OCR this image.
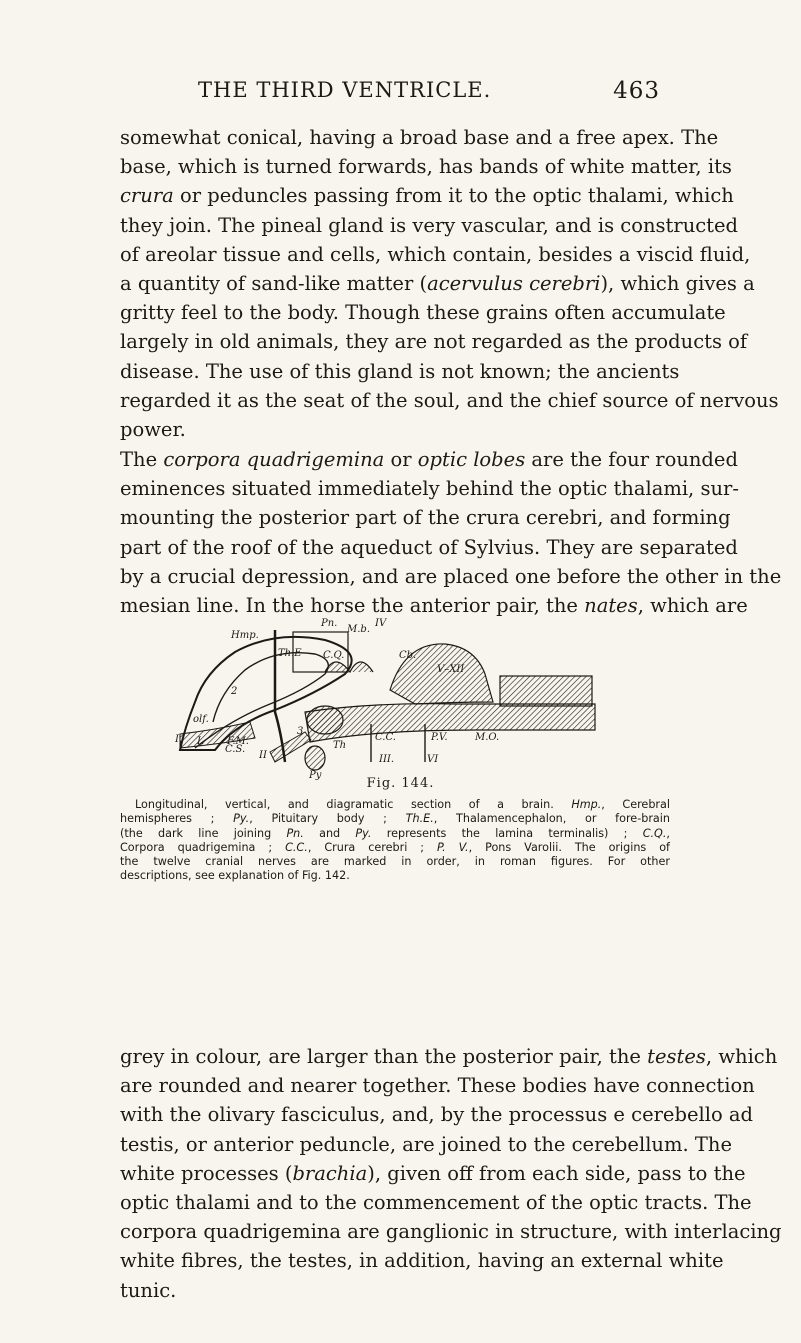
THE THIRD VENTRICLE.	463

somewhat conical, having a broad base and a free apex. The
base, which is turned forwards, has bands of white matter, its
crura or peduncles passing from it to the optic thalami, which
they join. The pineal gland is very vascular, and is constructed
of areolar tissue and cells, which contain, besides a viscid fluid,
a quantity of sand-like matter (acervulus cerebri), which gives a
gritty feel to the body. Though these grains often accumulate
largely in old animals, they are not regarded as the products of
disease. The use of this gland is not known; the ancients
regarded it as the seat of the soul, and the chief source of nervous
power.

The corpora quadrigemina or optic lobes are the four rounded
eminences situated immediately behind the optic thalami, sur-
mounting the posterior part of the crura cerebri, and forming
part of the roof of the aqueduct of Sylvius. They are separated
by a crucial depression, and are placed one before the other in the
mesian line. In the horse the anterior pair, the nates, which are

Hmp.
Pn.
M.b.
IV
Th.E C.Q.	Cb.
V–XII
olf.
2
F.M.
3
C.S.	Th
C.C.	P.V.	M.O.
I. I.
II	III.	VI
Py
Fig. 144.

Longitudinal, vertical, and diagramatic section of a brain. Hmp., Cerebral
hemispheres ; Py., Pituitary body ; Th.E., Thalamencephalon, or fore-brain
(the dark line joining Pn. and Py. represents the lamina terminalis) ; C.Q.,
Corpora quadrigemina ; C.C., Crura cerebri ; P. V., Pons Varolii. The origins of
the twelve cranial nerves are marked in order, in roman figures. For other
descriptions, see explanation of Fig. 142.

grey in colour, are larger than the posterior pair, the testes, which
are rounded and nearer together. These bodies have connection
with the olivary fasciculus, and, by the processus e cerebello ad
testis, or anterior peduncle, are joined to the cerebellum. The
white processes (brachia), given off from each side, pass to the
optic thalami and to the commencement of the optic tracts. The
corpora quadrigemina are ganglionic in structure, with interlacing
white fibres, the testes, in addition, having an external white
tunic.
